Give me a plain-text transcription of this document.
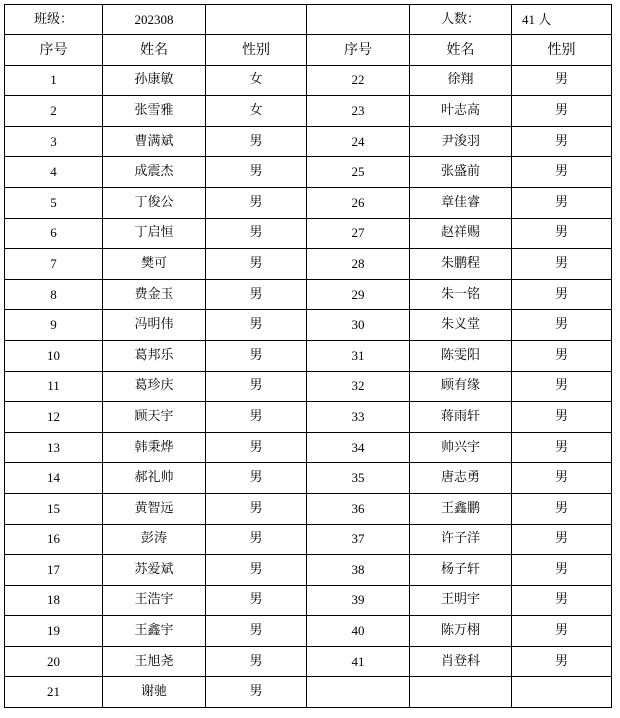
班级：	202308			人数：	41 人
序号	姓名	性别	序号	姓名	性别
1	孙康敏	女	22	徐翔	男
2	张雪雅	女	23	叶志高	男
3	曹满斌	男	24	尹浚羽	男
4	成震杰	男	25	张盛前	男
5	丁俊公	男	26	章佳睿	男
6	丁启恒	男	27	赵祥赐	男
7	樊可	男	28	朱鹏程	男
8	费金玉	男	29	朱一铭	男
9	冯明伟	男	30	朱义堂	男
10	葛邦乐	男	31	陈雯阳	男
11	葛珍庆	男	32	顾有缘	男
12	顾天宇	男	33	蒋雨轩	男
13	韩秉烨	男	34	帅兴宇	男
14	郝礼帅	男	35	唐志勇	男
15	黄智远	男	36	王鑫鹏	男
16	彭涛	男	37	许子洋	男
17	苏爱斌	男	38	杨子轩	男
18	王浩宇	男	39	王明宇	男
19	王鑫宇	男	40	陈万栩	男
20	王旭尧	男	41	肖登科	男
21	谢驰	男			
